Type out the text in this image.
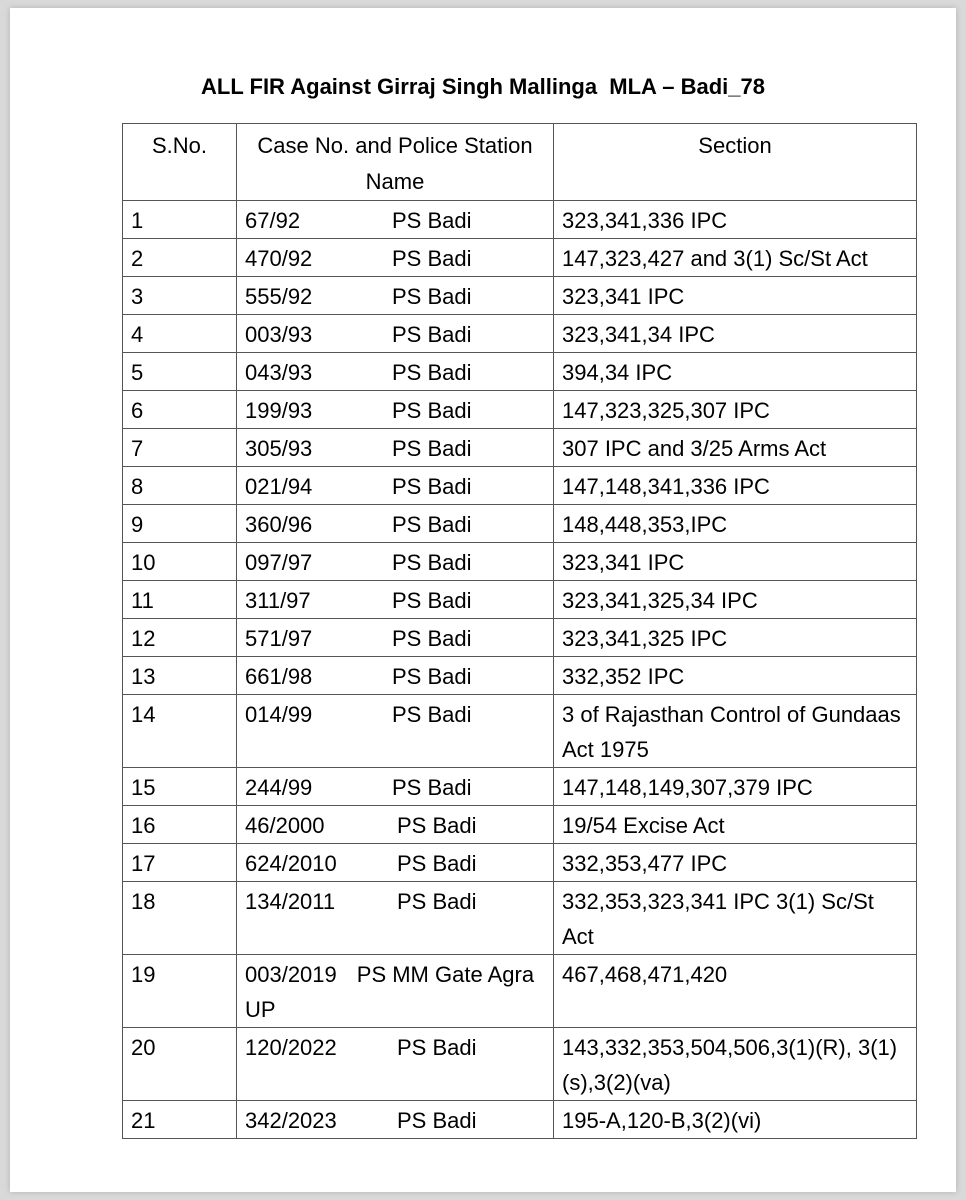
ALL FIR Against Girraj Singh Mallinga  MLA – Badi_78
S.No.	Case No. and Police Station Name	Section
1	67/92 PS Badi	323,341,336 IPC
2	470/92 PS Badi	147,323,427 and 3(1) Sc/St Act
3	555/92 PS Badi	323,341 IPC
4	003/93 PS Badi	323,341,34 IPC
5	043/93 PS Badi	394,34 IPC
6	199/93 PS Badi	147,323,325,307 IPC
7	305/93 PS Badi	307 IPC and 3/25 Arms Act
8	021/94 PS Badi	147,148,341,336 IPC
9	360/96 PS Badi	148,448,353,IPC
10	097/97 PS Badi	323,341 IPC
11	311/97 PS Badi	323,341,325,34 IPC
12	571/97 PS Badi	323,341,325 IPC
13	661/98 PS Badi	332,352 IPC
14	014/99 PS Badi	3 of Rajasthan Control of Gundaas Act 1975
15	244/99 PS Badi	147,148,149,307,379 IPC
16	46/2000 PS Badi	19/54 Excise Act
17	624/2010 PS Badi	332,353,477 IPC
18	134/2011 PS Badi	332,353,323,341 IPC 3(1) Sc/St Act
19	003/2019 PS MM Gate Agra UP	467,468,471,420
20	120/2022 PS Badi	143,332,353,504,506,3(1)(R), 3(1)(s),3(2)(va)
21	342/2023 PS Badi	195-A,120-B,3(2)(vi)
